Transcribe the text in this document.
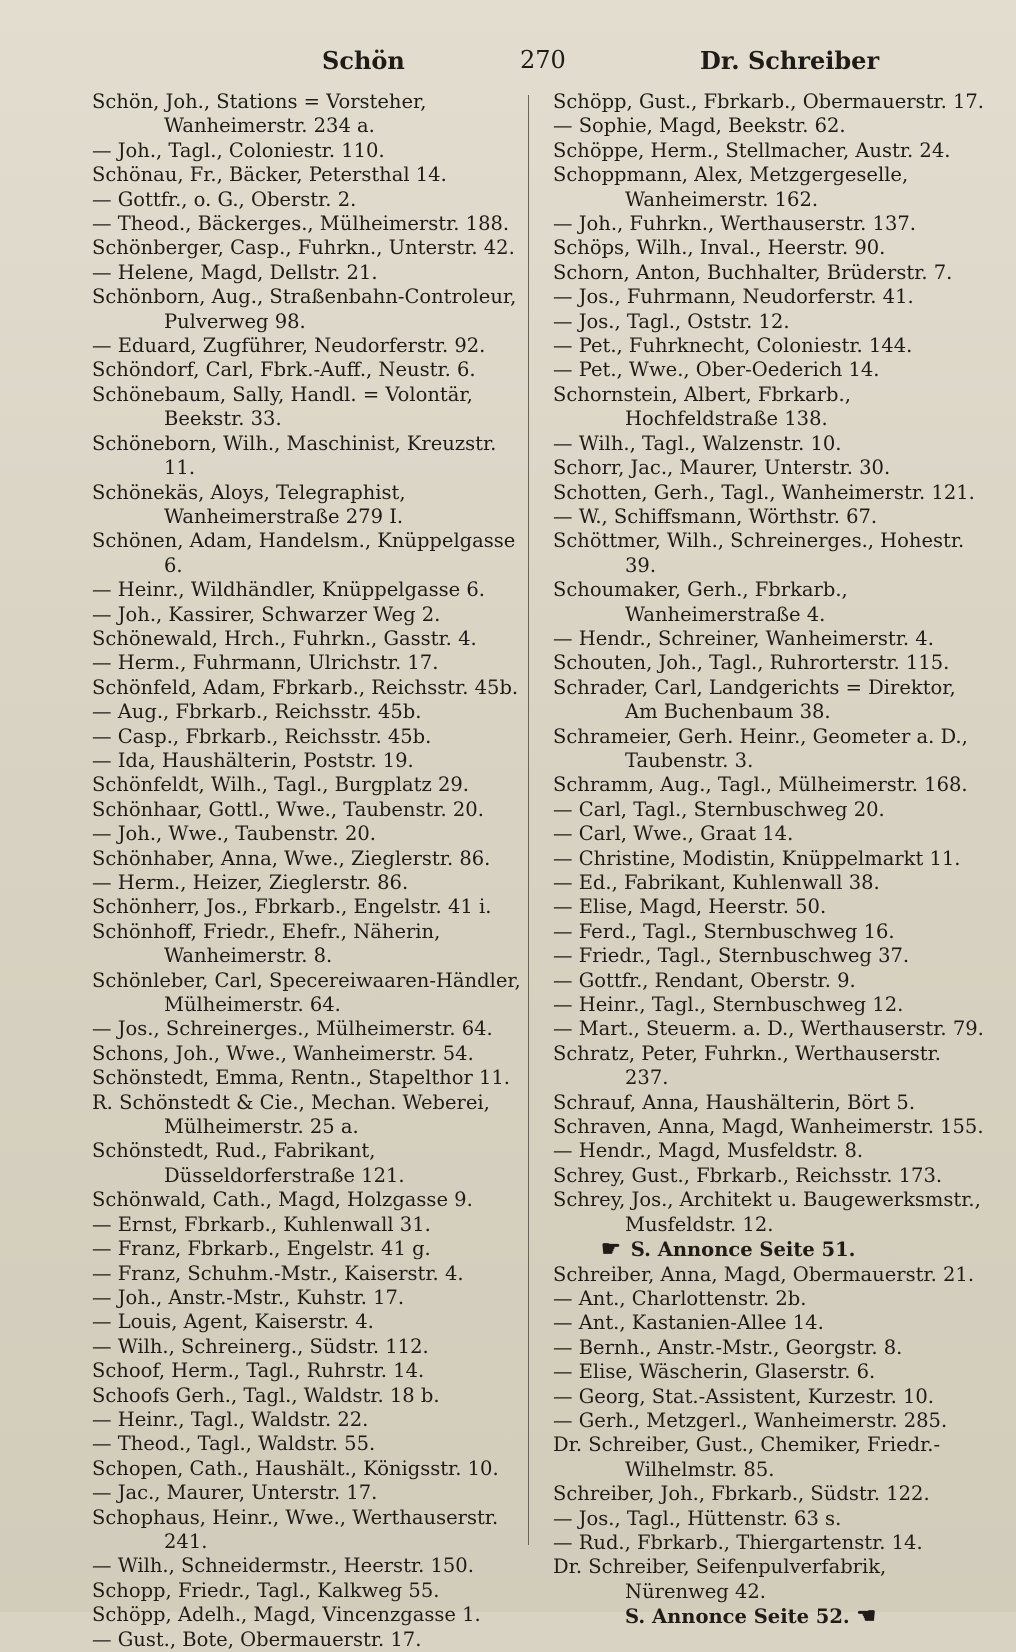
Schön	270	Dr. Schreiber

Schön, Joh., Stations = Vorsteher, Wanheimerstr. 234 a.

— Joh., Tagl., Coloniestr. 110.

Schönau, Fr., Bäcker, Petersthal 14.

— Gottfr., o. G., Oberstr. 2.

— Theod., Bäckerges., Mülheimerstr. 188.

Schönberger, Casp., Fuhrkn., Unterstr. 42.

— Helene, Magd, Dellstr. 21.

Schönborn, Aug., Straßenbahn-Controleur, Pulverweg 98.

— Eduard, Zugführer, Neudorferstr. 92.

Schöndorf, Carl, Fbrk.-Auff., Neustr. 6.

Schönebaum, Sally, Handl. = Volontär, Beekstr. 33.

Schöneborn, Wilh., Maschinist, Kreuzstr. 11.

Schönekäs, Aloys, Telegraphist, Wanheimerstraße 279 I.

Schönen, Adam, Handelsm., Knüppelgasse 6.

— Heinr., Wildhändler, Knüppelgasse 6.

— Joh., Kassirer, Schwarzer Weg 2.

Schönewald, Hrch., Fuhrkn., Gasstr. 4.

— Herm., Fuhrmann, Ulrichstr. 17.

Schönfeld, Adam, Fbrkarb., Reichsstr. 45b.

— Aug., Fbrkarb., Reichsstr. 45b.

— Casp., Fbrkarb., Reichsstr. 45b.

— Ida, Haushälterin, Poststr. 19.

Schönfeldt, Wilh., Tagl., Burgplatz 29.

Schönhaar, Gottl., Wwe., Taubenstr. 20.

— Joh., Wwe., Taubenstr. 20.

Schönhaber, Anna, Wwe., Zieglerstr. 86.

— Herm., Heizer, Zieglerstr. 86.

Schönherr, Jos., Fbrkarb., Engelstr. 41 i.

Schönhoff, Friedr., Ehefr., Näherin, Wanheimerstr. 8.

Schönleber, Carl, Specereiwaaren-Händler, Mülheimerstr. 64.

— Jos., Schreinerges., Mülheimerstr. 64.

Schons, Joh., Wwe., Wanheimerstr. 54.

Schönstedt, Emma, Rentn., Stapelthor 11.

R. Schönstedt & Cie., Mechan. Weberei, Mülheimerstr. 25 a.

Schönstedt, Rud., Fabrikant, Düsseldorferstraße 121.

Schönwald, Cath., Magd, Holzgasse 9.

— Ernst, Fbrkarb., Kuhlenwall 31.

— Franz, Fbrkarb., Engelstr. 41 g.

— Franz, Schuhm.-Mstr., Kaiserstr. 4.

— Joh., Anstr.-Mstr., Kuhstr. 17.

— Louis, Agent, Kaiserstr. 4.

— Wilh., Schreinerg., Südstr. 112.

Schoof, Herm., Tagl., Ruhrstr. 14.

Schoofs Gerh., Tagl., Waldstr. 18 b.

— Heinr., Tagl., Waldstr. 22.

— Theod., Tagl., Waldstr. 55.

Schopen, Cath., Haushält., Königsstr. 10.

— Jac., Maurer, Unterstr. 17.

Schophaus, Heinr., Wwe., Werthauserstr. 241.

— Wilh., Schneidermstr., Heerstr. 150.

Schopp, Friedr., Tagl., Kalkweg 55.

Schöpp, Adelh., Magd, Vincenzgasse 1.

— Gust., Bote, Obermauerstr. 17.

Schöpp, Gust., Fbrkarb., Obermauerstr. 17.

— Sophie, Magd, Beekstr. 62.

Schöppe, Herm., Stellmacher, Austr. 24.

Schoppmann, Alex, Metzgergeselle, Wanheimerstr. 162.

— Joh., Fuhrkn., Werthauserstr. 137.

Schöps, Wilh., Inval., Heerstr. 90.

Schorn, Anton, Buchhalter, Brüderstr. 7.

— Jos., Fuhrmann, Neudorferstr. 41.

— Jos., Tagl., Oststr. 12.

— Pet., Fuhrknecht, Coloniestr. 144.

— Pet., Wwe., Ober-Oederich 14.

Schornstein, Albert, Fbrkarb., Hochfeldstraße 138.

— Wilh., Tagl., Walzenstr. 10.

Schorr, Jac., Maurer, Unterstr. 30.

Schotten, Gerh., Tagl., Wanheimerstr. 121.

— W., Schiffsmann, Wörthstr. 67.

Schöttmer, Wilh., Schreinerges., Hohestr. 39.

Schoumaker, Gerh., Fbrkarb., Wanheimerstraße 4.

— Hendr., Schreiner, Wanheimerstr. 4.

Schouten, Joh., Tagl., Ruhrorterstr. 115.

Schrader, Carl, Landgerichts = Direktor, Am Buchenbaum 38.

Schrameier, Gerh. Heinr., Geometer a. D., Taubenstr. 3.

Schramm, Aug., Tagl., Mülheimerstr. 168.

— Carl, Tagl., Sternbuschweg 20.

— Carl, Wwe., Graat 14.

— Christine, Modistin, Knüppelmarkt 11.

— Ed., Fabrikant, Kuhlenwall 38.

— Elise, Magd, Heerstr. 50.

— Ferd., Tagl., Sternbuschweg 16.

— Friedr., Tagl., Sternbuschweg 37.

— Gottfr., Rendant, Oberstr. 9.

— Heinr., Tagl., Sternbuschweg 12.

— Mart., Steuerm. a. D., Werthauserstr. 79.

Schratz, Peter, Fuhrkn., Werthauserstr. 237.

Schrauf, Anna, Haushälterin, Bört 5.

Schraven, Anna, Magd, Wanheimerstr. 155.

— Hendr., Magd, Musfeldstr. 8.

Schrey, Gust., Fbrkarb., Reichsstr. 173.

Schrey, Jos., Architekt u. Baugewerksmstr., Musfeldstr. 12.

☛ S. Annonce Seite 51.

Schreiber, Anna, Magd, Obermauerstr. 21.

— Ant., Charlottenstr. 2b.

— Ant., Kastanien-Allee 14.

— Bernh., Anstr.-Mstr., Georgstr. 8.

— Elise, Wäscherin, Glaserstr. 6.

— Georg, Stat.-Assistent, Kurzestr. 10.

— Gerh., Metzgerl., Wanheimerstr. 285.

Dr. Schreiber, Gust., Chemiker, Friedr.-Wilhelmstr. 85.

Schreiber, Joh., Fbrkarb., Südstr. 122.

— Jos., Tagl., Hüttenstr. 63 s.

— Rud., Fbrkarb., Thiergartenstr. 14.

Dr. Schreiber, Seifenpulverfabrik, Nürenweg 42.

S. Annonce Seite 52. ☚
